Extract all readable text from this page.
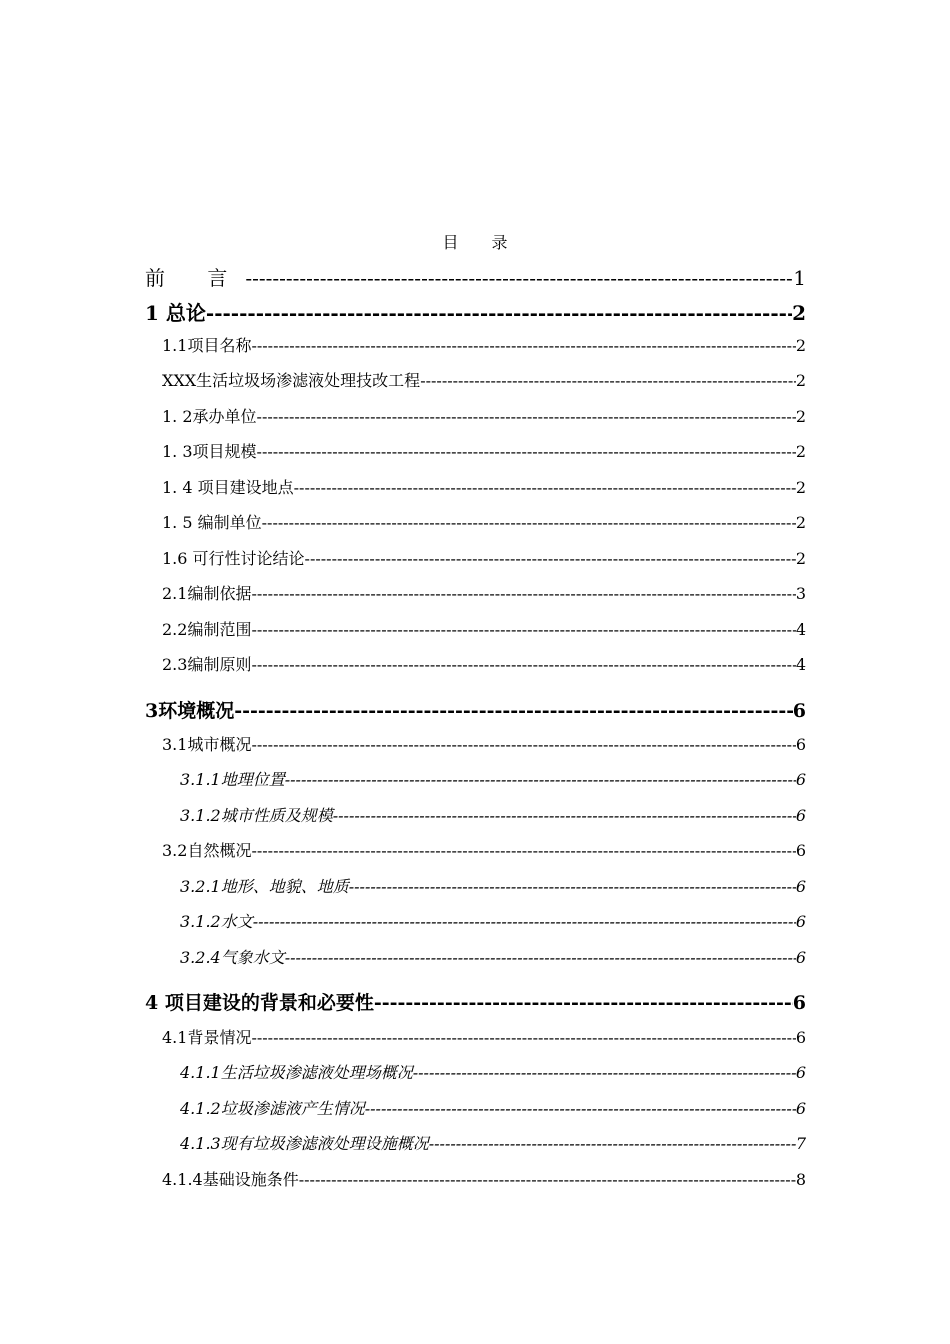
目 录
前 言 -----	1
1 总论 -----	2
1.1项目名称 -----	2
XXX生活垃圾场渗滤液处理技改工程 -----	2
1. 2承办单位 -----	2
1. 3项目规模 -----	2
1. 4 项目建设地点 -----	2
1. 5 编制单位 -----	2
1.6 可行性讨论结论 -----	2
2.1编制依据 -----	3
2.2编制范围 -----	4
2.3编制原则 -----	4
3环境概况 -----	6
3.1城市概况 -----	6
3.1.1地理位置 -----	6
3.1.2城市性质及规模 -----	6
3.2自然概况 -----	6
3.2.1地形、地貌、地质 -----	6
3.1.2水文 -----	6
3.2.4气象水文 -----	6
4 项目建设的背景和必要性 -----	6
4.1背景情况 -----	6
4.1.1生活垃圾渗滤液处理场概况 -----	6
4.1.2垃圾渗滤液产生情况 -----	6
4.1.3现有垃圾渗滤液处理设施概况 -----	7
4.1.4基础设施条件 -----	8
